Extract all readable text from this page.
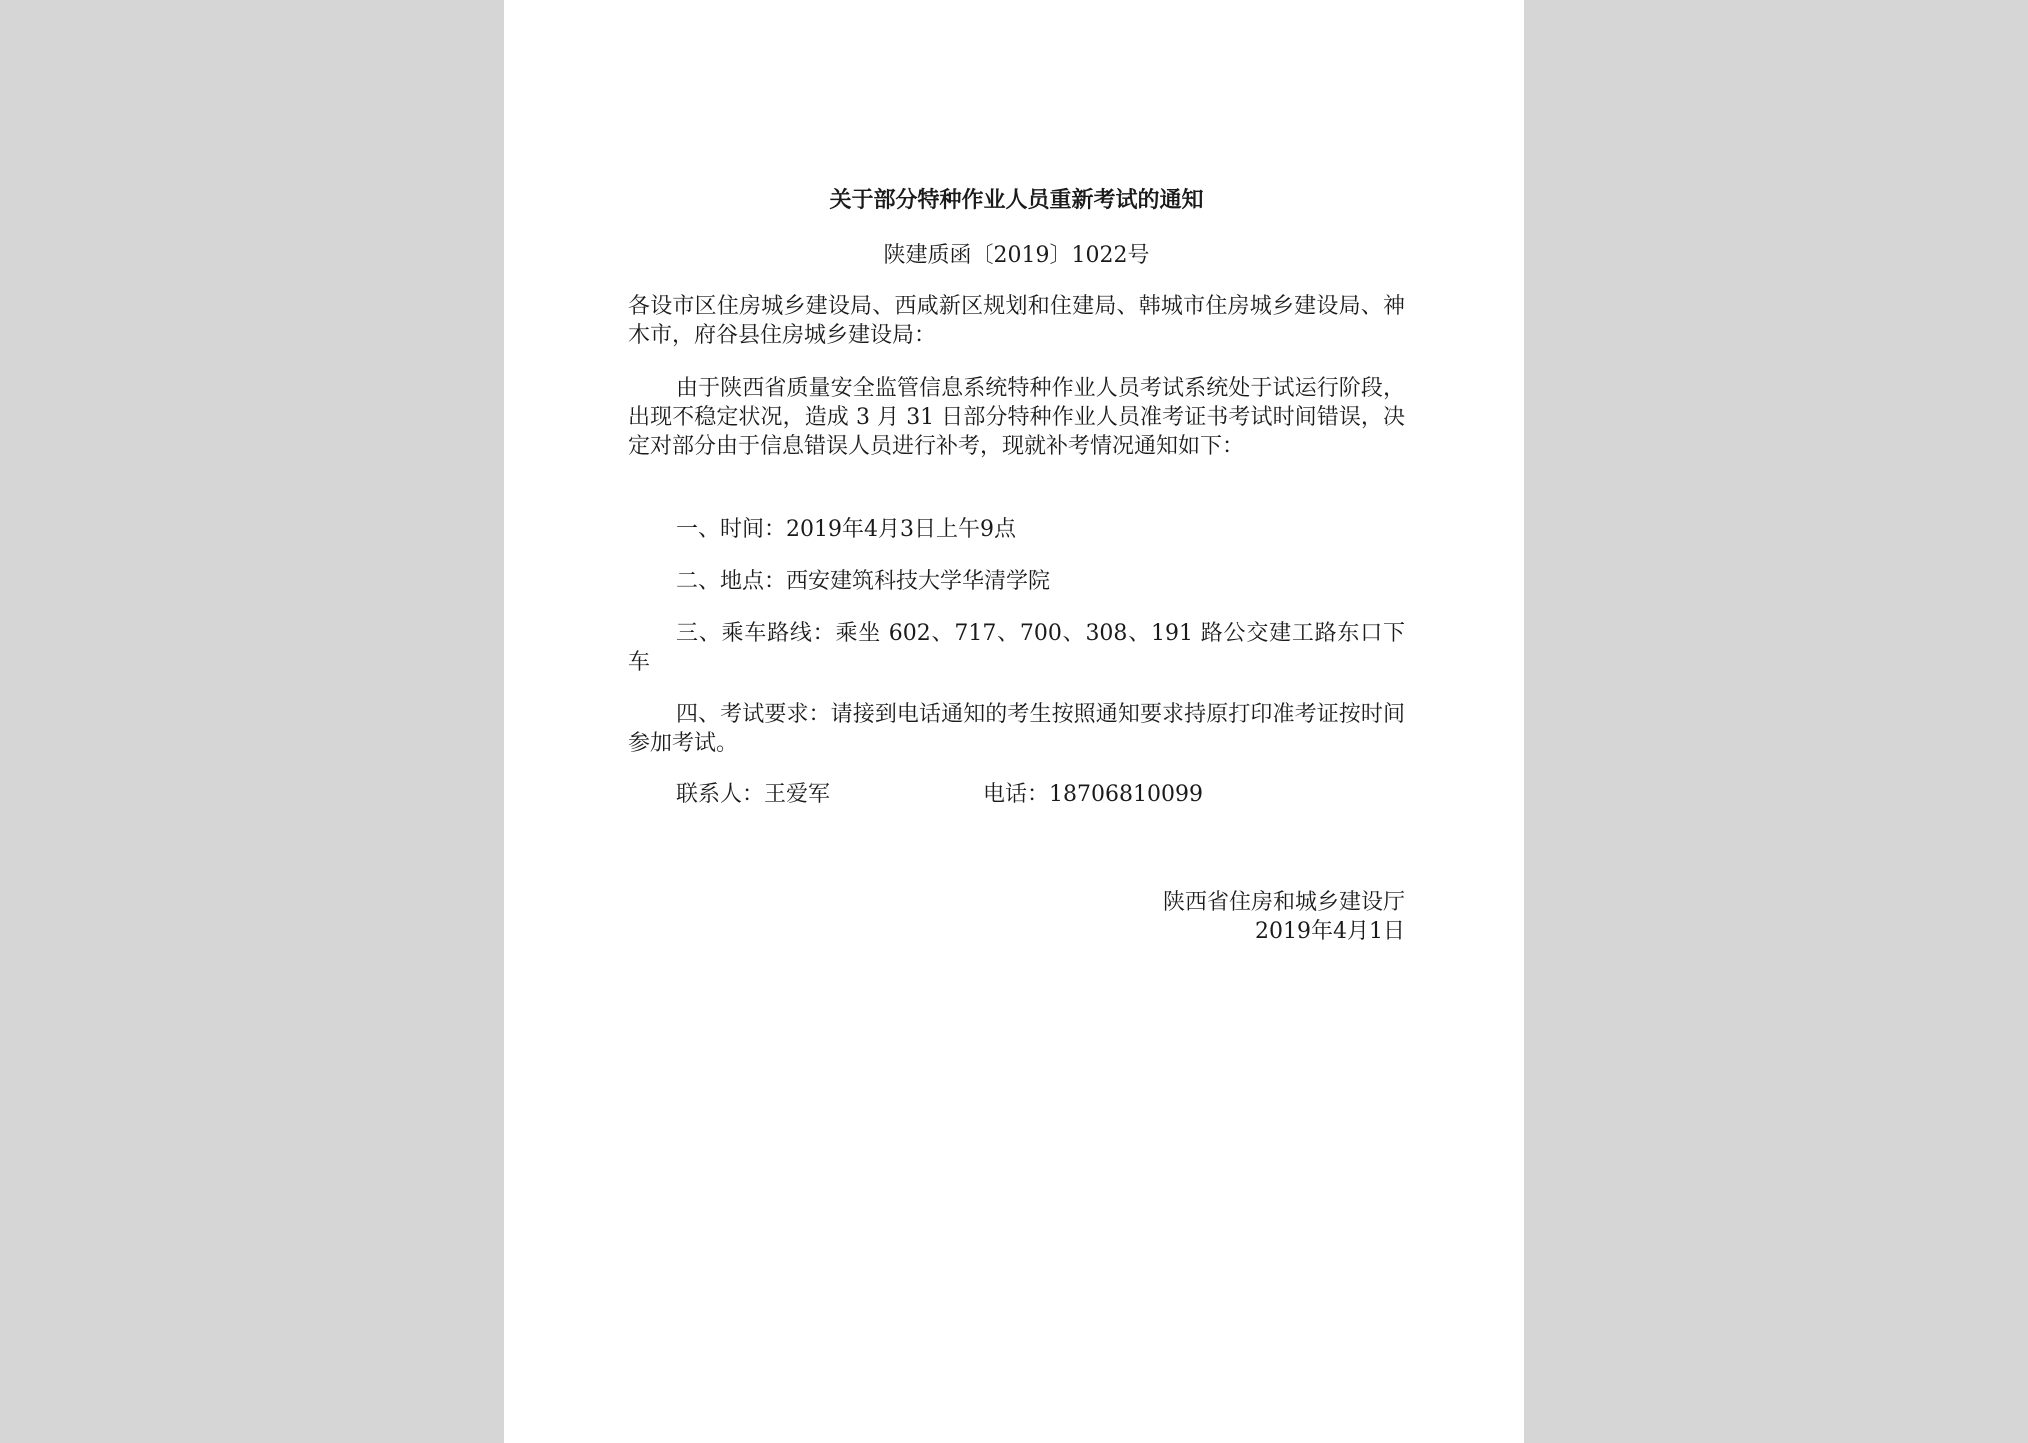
关于部分特种作业人员重新考试的通知

陕建质函〔2019〕1022号

各设市区住房城乡建设局、西咸新区规划和住建局、韩城市住房城乡建设局、神木市，府谷县住房城乡建设局：

由于陕西省质量安全监管信息系统特种作业人员考试系统处于试运行阶段，出现不稳定状况，造成 3 月 31 日部分特种作业人员准考证书考试时间错误，决定对部分由于信息错误人员进行补考，现就补考情况通知如下：

一、时间：2019年4月3日上午9点

二、地点：西安建筑科技大学华清学院

三、乘车路线：乘坐 602、717、700、308、191 路公交建工路东口下车

四、考试要求：请接到电话通知的考生按照通知要求持原打印准考证按时间参加考试。

联系人：王爱军	电话：18706810099

陕西省住房和城乡建设厅
2019年4月1日
